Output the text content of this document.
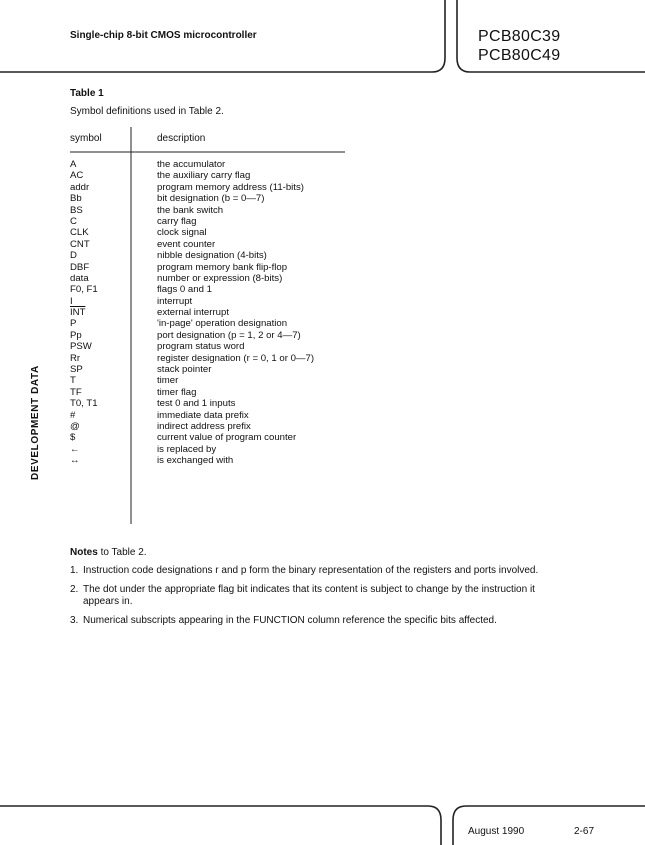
Single-chip 8-bit CMOS microcontroller	PCB80C39
PCB80C49
Table 1
Symbol definitions used in Table 2.
symbol	description
A	the accumulator
AC	the auxiliary carry flag
addr	program memory address (11-bits)
Bb	bit designation (b = 0—7)
BS	the bank switch
C	carry flag
CLK	clock signal
CNT	event counter
D	nibble designation (4-bits)
DBF	program memory bank flip-flop
data	number or expression (8-bits)
F0, F1	flags 0 and 1
I	interrupt
$\overline{INT}$	external interrupt
P	'in-page' operation designation
Pp	port designation (p = 1, 2 or 4—7)
PSW	program status word
Rr	register designation (r = 0, 1 or 0—7)
SP	stack pointer
T	timer
TF	timer flag
T0, T1	test 0 and 1 inputs
#	immediate data prefix
@	indirect address prefix
$	current value of program counter
←	is replaced by
↔	is exchanged with
DEVELOPMENT DATA
Notes to Table 2.
1. Instruction code designations r and p form the binary representation of the registers and ports involved.
2. The dot under the appropriate flag bit indicates that its content is subject to change by the instruction it appears in.
3. Numerical subscripts appearing in the FUNCTION column reference the specific bits affected.
August 1990	2-67
